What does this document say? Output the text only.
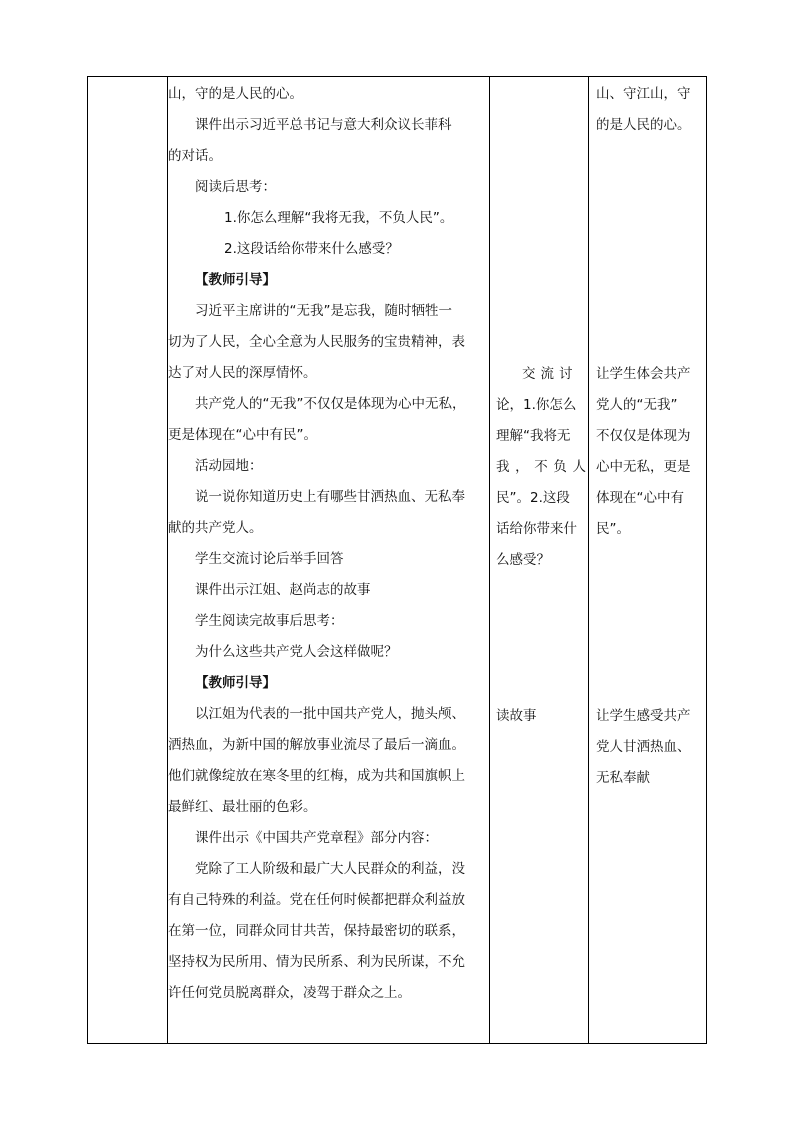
山，守的是人民的心。

课件出示习近平总书记与意大利众议长菲科

的对话。

阅读后思考：

1.你怎么理解“我将无我，不负人民”。

2.这段话给你带来什么感受？

【教师引导】

习近平主席讲的“无我”是忘我，随时牺牲一

切为了人民，全心全意为人民服务的宝贵精神，表

达了对人民的深厚情怀。

共产党人的“无我”不仅仅是体现为心中无私，

更是体现在“心中有民”。

活动园地：

说一说你知道历史上有哪些甘洒热血、无私奉

献的共产党人。

学生交流讨论后举手回答

课件出示江姐、赵尚志的故事

学生阅读完故事后思考：

为什么这些共产党人会这样做呢？

【教师引导】

以江姐为代表的一批中国共产党人，抛头颅、

洒热血，为新中国的解放事业流尽了最后一滴血。

他们就像绽放在寒冬里的红梅，成为共和国旗帜上

最鲜红、最壮丽的色彩。

课件出示《中国共产党章程》部分内容：

党除了工人阶级和最广大人民群众的利益，没

有自己特殊的利益。党在任何时候都把群众利益放

在第一位，同群众同甘共苦，保持最密切的联系，

坚持权为民所用、情为民所系、利为民所谋，不允

许任何党员脱离群众，凌驾于群众之上。

交流讨

论，1.你怎么

理解“我将无

我，不负人

民”。2.这段

话给你带来什

么感受？

读故事

山、守江山，守

的是人民的心。

让学生体会共产

党人的“无我”

不仅仅是体现为

心中无私，更是

体现在“心中有

民”。

让学生感受共产

党人甘洒热血、

无私奉献
